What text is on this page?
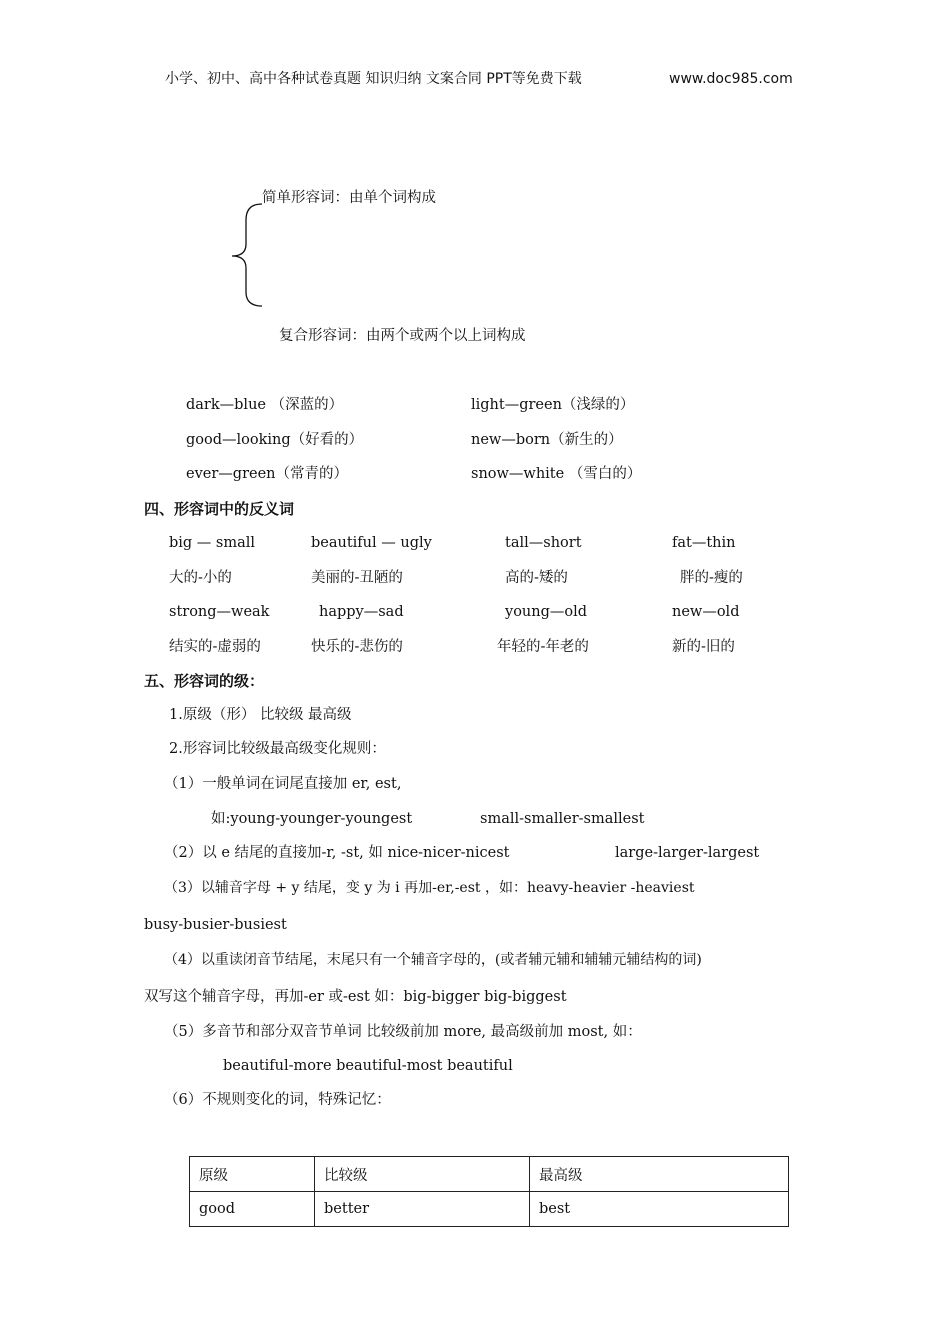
小学、初中、高中各种试卷真题 知识归纳 文案合同 PPT等免费下载	www.doc985.com
简单形容词：由单个词构成
复合形容词：由两个或两个以上词构成
dark—blue （深蓝的）	light—green（浅绿的）
good—looking（好看的）	new—born（新生的）
ever—green（常青的）	snow—white （雪白的）
四、形容词中的反义词
big — small	beautiful — ugly	tall—short	fat—thin
大的-小的	美丽的-丑陋的	高的-矮的	胖的-瘦的
strong—weak	happy—sad	young—old	new—old
结实的-虚弱的	快乐的-悲伤的	年轻的-年老的	新的-旧的
五、形容词的级：
1.原级（形） 比较级 最高级
2.形容词比较级最高级变化规则：
（1）一般单词在词尾直接加 er, est,
如:young-younger-youngest	small-smaller-smallest
（2）以 e 结尾的直接加-r, -st, 如 nice-nicer-nicest	large-larger-largest
（3）以辅音字母 + y 结尾，变 y 为 i 再加-er,-est ，如：heavy-heavier -heaviest
busy-busier-busiest
（4）以重读闭音节结尾，末尾只有一个辅音字母的，(或者辅元辅和辅辅元辅结构的词)
双写这个辅音字母，再加-er 或-est 如：big-bigger big-biggest
（5）多音节和部分双音节单词 比较级前加 more, 最高级前加 most, 如：
beautiful-more beautiful-most beautiful
（6）不规则变化的词，特殊记忆：
原级	比较级	最高级
good	better	best
